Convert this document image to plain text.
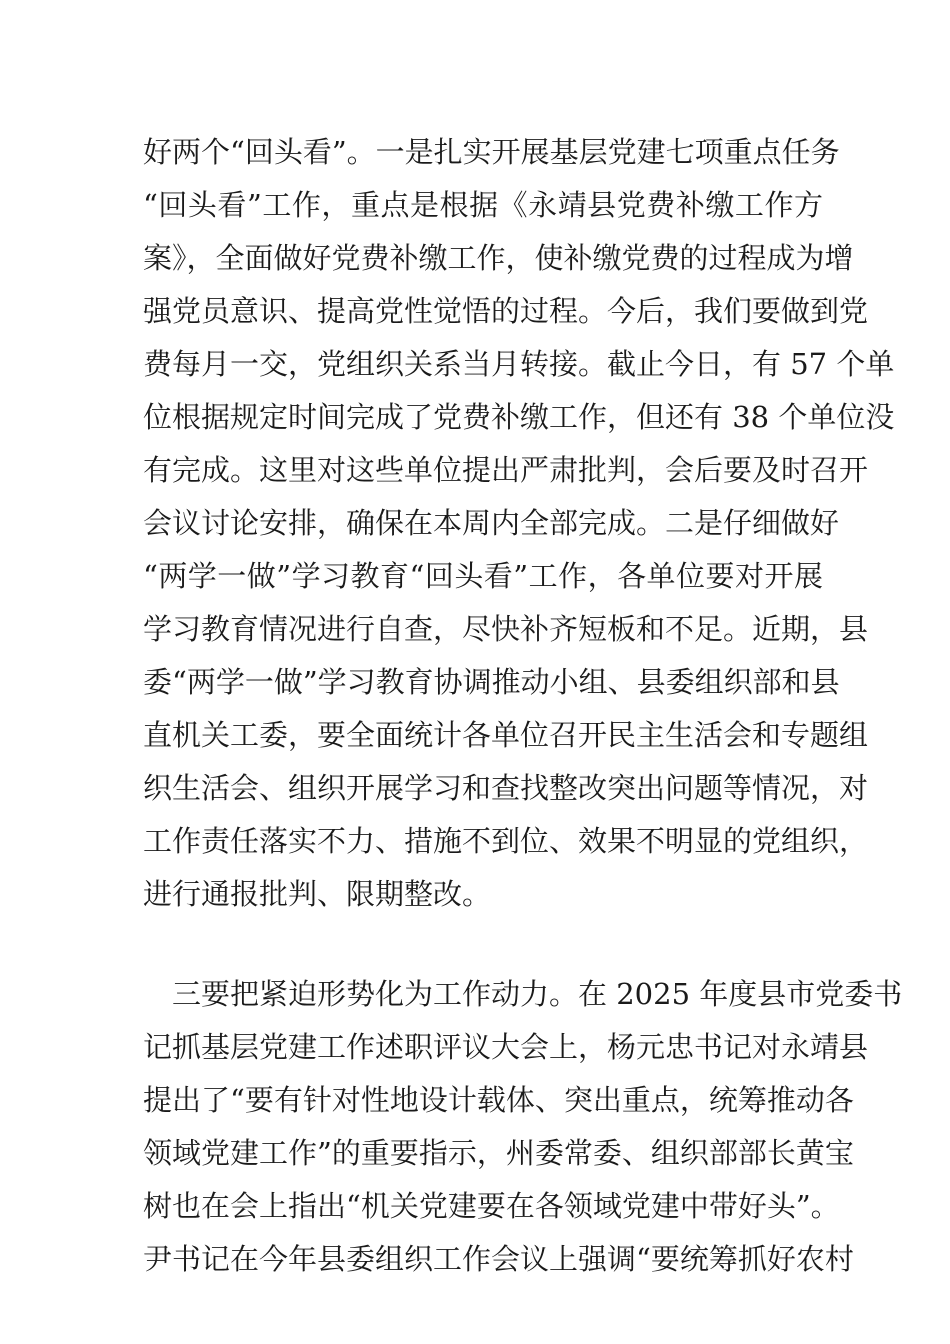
好两个“回头看”。一是扎实开展基层党建七项重点任务
“回头看”工作，重点是根据《永靖县党费补缴工作方
案》，全面做好党费补缴工作，使补缴党费的过程成为增
强党员意识、提高党性觉悟的过程。今后，我们要做到党
费每月一交，党组织关系当月转接。截止今日，有 57 个单
位根据规定时间完成了党费补缴工作，但还有 38 个单位没
有完成。这里对这些单位提出严肃批判，会后要及时召开
会议讨论安排，确保在本周内全部完成。二是仔细做好
“两学一做”学习教育“回头看”工作，各单位要对开展
学习教育情况进行自查，尽快补齐短板和不足。近期，县
委“两学一做”学习教育协调推动小组、县委组织部和县
直机关工委，要全面统计各单位召开民主生活会和专题组
织生活会、组织开展学习和查找整改突出问题等情况，对
工作责任落实不力、措施不到位、效果不明显的党组织，
进行通报批判、限期整改。
三要把紧迫形势化为工作动力。在 2025 年度县市党委书
记抓基层党建工作述职评议大会上，杨元忠书记对永靖县
提出了“要有针对性地设计载体、突出重点，统筹推动各
领域党建工作”的重要指示，州委常委、组织部部长黄宝
树也在会上指出“机关党建要在各领域党建中带好头”。
尹书记在今年县委组织工作会议上强调“要统筹抓好农村
